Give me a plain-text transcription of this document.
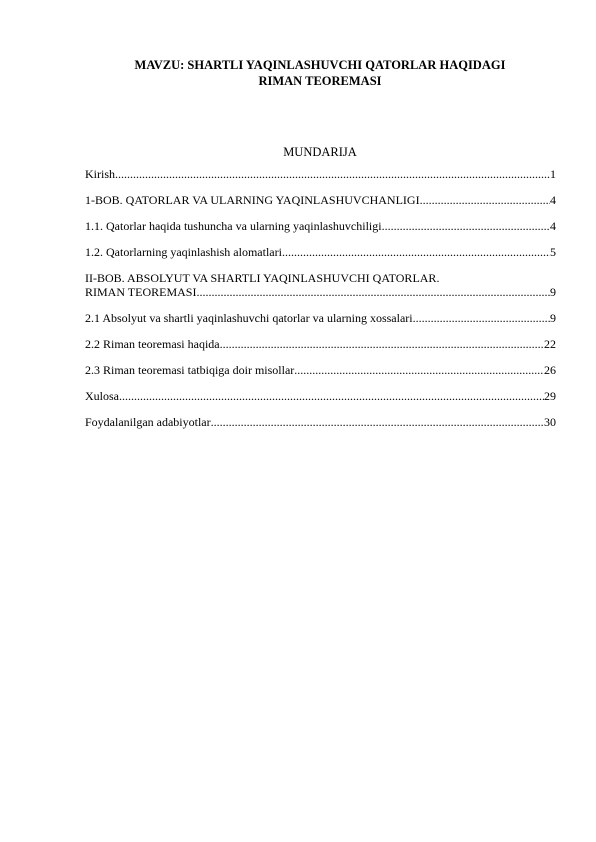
MAVZU: SHARTLI YAQINLASHUVCHI QATORLAR HAQIDAGI
RIMAN TEOREMASI
MUNDARIJA
Kirish .....	1
1-BOB. QATORLAR VA ULARNING YAQINLASHUVCHANLIGI .....	4
1.1. Qatorlar haqida tushuncha va ularning yaqinlashuvchiligi .....	4
1.2. Qatorlarning yaqinlashish alomatlari .....	5
II-BOB. ABSOLYUT VA SHARTLI YAQINLASHUVCHI QATORLAR.
RIMAN TEOREMASI .....	9
2.1 Absolyut va shartli yaqinlashuvchi qatorlar va ularning xossalari .....	9
2.2 Riman teoremasi haqida .....	22
2.3 Riman teoremasi tatbiqiga doir misollar .....	26
Xulosa .....	29
Foydalanilgan adabiyotlar .....	30
